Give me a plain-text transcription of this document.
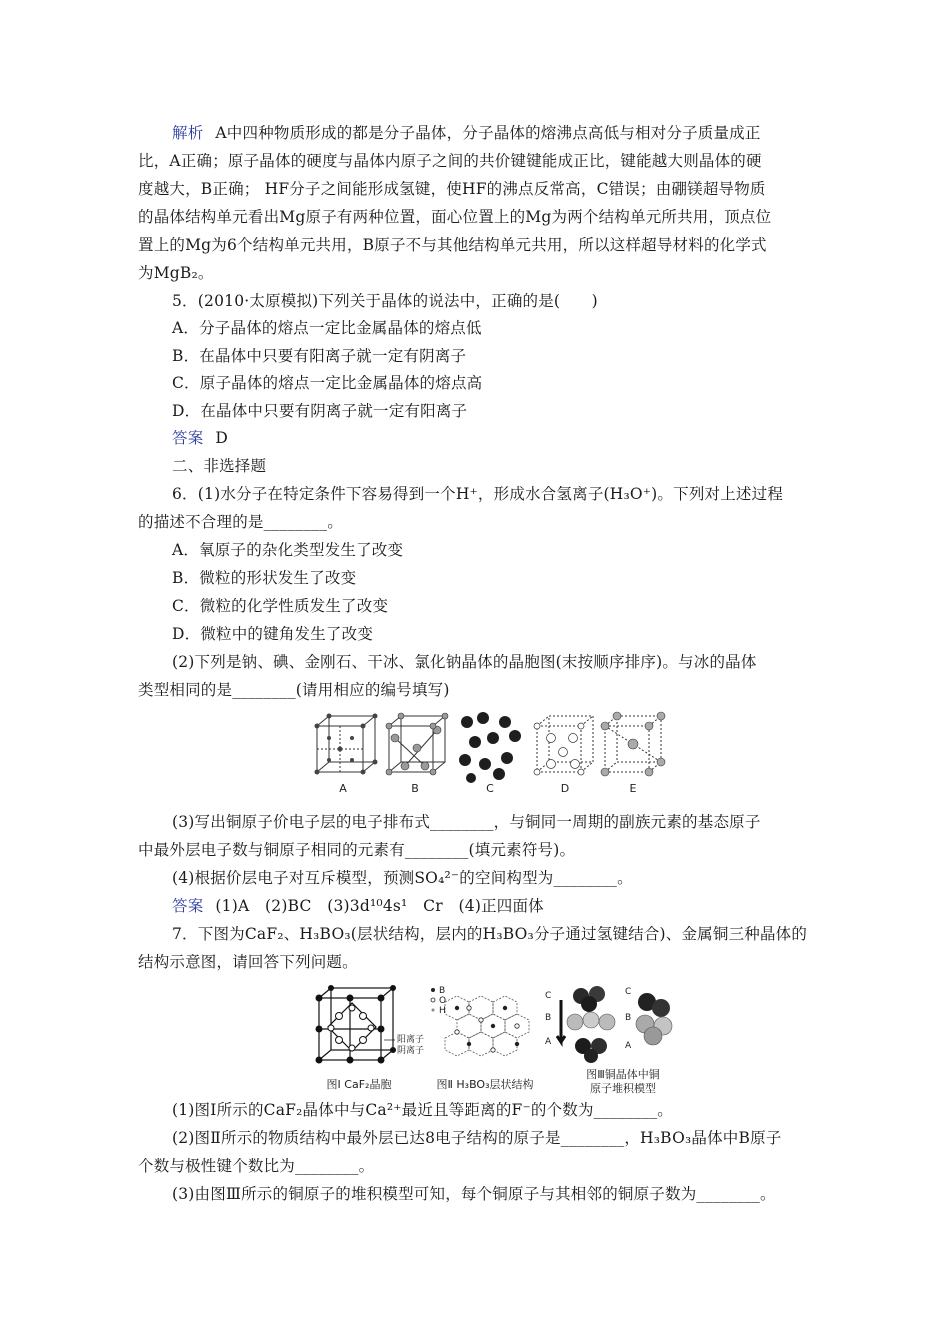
解析 A中四种物质形成的都是分子晶体，分子晶体的熔沸点高低与相对分子质量成正
比，A正确；原子晶体的硬度与晶体内原子之间的共价键键能成正比，键能越大则晶体的硬
度越大，B正确； HF分子之间能形成氢键，使HF的沸点反常高，C错误；由硼镁超导物质
的晶体结构单元看出Mg原子有两种位置，面心位置上的Mg为两个结构单元所共用，顶点位
置上的Mg为6个结构单元共用，B原子不与其他结构单元共用，所以这样超导材料的化学式
为MgB₂。
5．(2010·太原模拟)下列关于晶体的说法中，正确的是(　　)
A．分子晶体的熔点一定比金属晶体的熔点低
B．在晶体中只要有阳离子就一定有阴离子
C．原子晶体的熔点一定比金属晶体的熔点高
D．在晶体中只要有阴离子就一定有阳离子
答案 D
二、非选择题
6．(1)水分子在特定条件下容易得到一个H⁺，形成水合氢离子(H₃O⁺)。下列对上述过程
的描述不合理的是________。
A．氧原子的杂化类型发生了改变
B．微粒的形状发生了改变
C．微粒的化学性质发生了改变
D．微粒中的键角发生了改变
(2)下列是钠、碘、金刚石、干冰、氯化钠晶体的晶胞图(末按顺序排序)。与冰的晶体
类型相同的是________(请用相应的编号填写)
A	B	C	D	E
(3)写出铜原子价电子层的电子排布式________，与铜同一周期的副族元素的基态原子
中最外层电子数与铜原子相同的元素有________(填元素符号)。
(4)根据价层电子对互斥模型，预测SO₄²⁻的空间构型为________。
答案 (1)A　(2)BC　(3)3d¹⁰4s¹　Cr　(4)正四面体
7．下图为CaF₂、H₃BO₃(层状结构，层内的H₃BO₃分子通过氢键结合)、金属铜三种晶体的
结构示意图，请回答下列问题。
阳离子
阴离子
图Ⅰ CaF₂晶胞
B
O
H
图Ⅱ H₃BO₃层状结构
C
B
A
C
B
A
图Ⅲ铜晶体中铜
原子堆积模型
(1)图Ⅰ所示的CaF₂晶体中与Ca²⁺最近且等距离的F⁻的个数为________。
(2)图Ⅱ所示的物质结构中最外层已达8电子结构的原子是________，H₃BO₃晶体中B原子
个数与极性键个数比为________。
(3)由图Ⅲ所示的铜原子的堆积模型可知，每个铜原子与其相邻的铜原子数为________。
